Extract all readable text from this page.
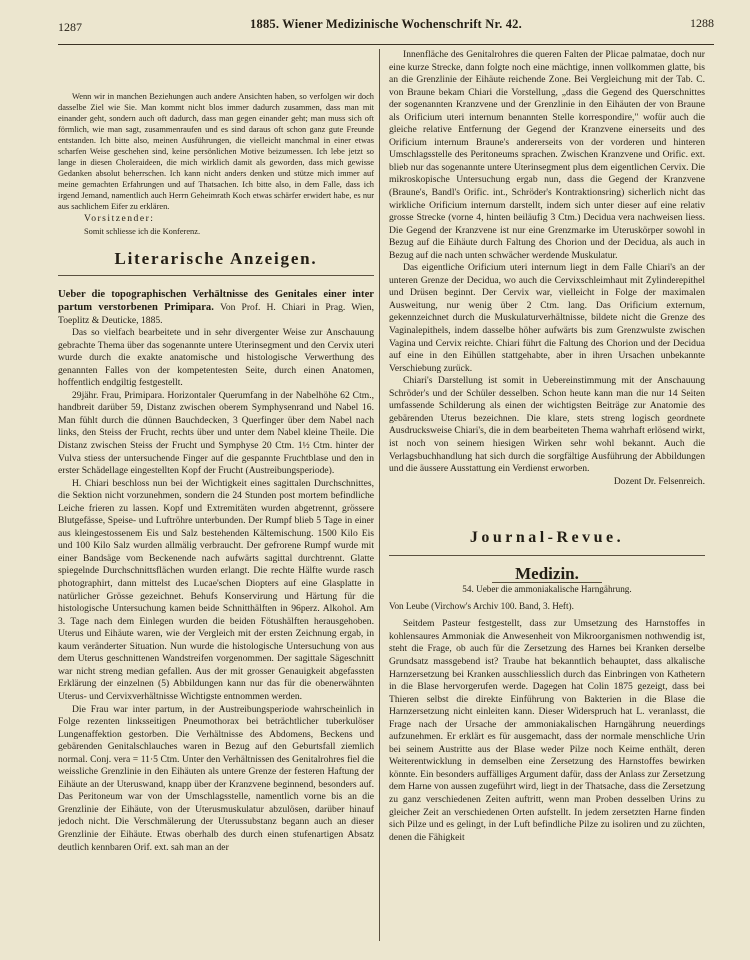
1287	1885. Wiener Medizinische Wochenschrift Nr. 42.	1288

Wenn wir in manchen Beziehungen auch andere Ansichten haben, so verfolgen wir doch dasselbe Ziel wie Sie. Man kommt nicht blos immer dadurch zusammen, dass man mit einander geht, sondern auch oft dadurch, dass man gegen einander geht; man muss sich oft förmlich, wie man sagt, zusammenraufen und es sind daraus oft schon ganz gute Freunde entstanden. Ich bitte also, meinen Ausführungen, die vielleicht manchmal in einer etwas scharfen Weise geschehen sind, keine persönlichen Motive beizumessen. Ich lebe jetzt so lange in diesen Choleraideen, die mich wirklich damit als geworden, dass mich gewisse Gedanken absolut beherrschen. Ich kann nicht anders denken und stütze mich immer auf meine gemachten Erfahrungen und auf Thatsachen. Ich bitte also, in dem Falle, dass ich irgend Jemand, namentlich auch Herrn Geheimrath Koch etwas schärfer erwidert habe, es nur aus sachlichem Eifer zu erklären.

Vorsitzender:

Somit schliesse ich die Konferenz.

Literarische Anzeigen.

Ueber die topographischen Verhältnisse des Genitales einer inter partum verstorbenen Primipara. Von Prof. H. Chiari in Prag. Wien, Toeplitz & Deuticke, 1885.

Das so vielfach bearbeitete und in sehr divergenter Weise zur Anschauung gebrachte Thema über das sogenannte untere Uterinsegment und den Cervix uteri wurde durch die exakte anatomische und histologische Verwerthung des genannten Falles von der kompetentesten Seite, durch einen Anatomen, hoffentlich endgiltig festgestellt.

29jähr. Frau, Primipara. Horizontaler Querumfang in der Nabelhöhe 62 Ctm., handbreit darüber 59, Distanz zwischen oberem Symphysenrand und Nabel 16. Man fühlt durch die dünnen Bauchdecken, 3 Querfinger über dem Nabel nach links, den Steiss der Frucht, rechts über und unter dem Nabel kleine Theile. Die Distanz zwischen Steiss der Frucht und Symphyse 20 Ctm. 1½ Ctm. hinter der Vulva stiess der untersuchende Finger auf die gespannte Fruchtblase und den in erster Schädellage eingestellten Kopf der Frucht (Austreibungsperiode).

H. Chiari beschloss nun bei der Wichtigkeit eines sagittalen Durchschnittes, die Sektion nicht vorzunehmen, sondern die 24 Stunden post mortem befindliche Leiche frieren zu lassen. Kopf und Extremitäten wurden abgetrennt, grössere Blutgefässe, Speise- und Luftröhre unterbunden. Der Rumpf blieb 5 Tage in einer aus kleingestossenem Eis und Salz bestehenden Kältemischung. 1500 Kilo Eis und 100 Kilo Salz wurden allmälig verbraucht. Der gefrorene Rumpf wurde mit einer Bandsäge vom Beckenende nach aufwärts sagittal durchtrennt. Glatte spiegelnde Durchschnittsflächen wurden erlangt. Die rechte Hälfte wurde rasch photographirt, dann mittelst des Lucae'schen Diopters auf eine Glasplatte in natürlicher Grösse gezeichnet. Behufs Konservirung und Härtung für die histologische Untersuchung kamen beide Schnitthälften in 96perz. Alkohol. Am 3. Tage nach dem Einlegen wurden die beiden Fötushälften herausgehoben. Uterus und Eihäute waren, wie der Vergleich mit der ersten Zeichnung ergab, in kaum veränderter Situation. Nun wurde die histologische Untersuchung von aus dem Uterus geschnittenen Wandstreifen vorgenommen. Der sagittale Sägeschnitt war nicht streng median gefallen. Aus der mit grosser Genauigkeit abgefassten Erklärung der einzelnen (5) Abbildungen kann nur das für die obenerwähnten Uterus- und Cervixverhältnisse Wichtigste entnommen werden.

Die Frau war inter partum, in der Austreibungsperiode wahrscheinlich in Folge rezenten linksseitigen Pneumothorax bei beträchtlicher tuberkulöser Lungenaffektion gestorben. Die Verhältnisse des Abdomens, Beckens und gebärenden Genitalschlauches waren in Bezug auf den Geburtsfall ziemlich normal. Conj. vera = 11·5 Ctm. Unter den Verhältnissen des Genitalrohres fiel die weissliche Grenzlinie in den Eihäuten als untere Grenze der festeren Haftung der Eihäute an der Uteruswand, knapp über der Kranzvene beginnend, besonders auf. Das Peritoneum war von der Umschlagsstelle, namentlich vorne bis an die Grenzlinie der Eihäute, von der Uterusmuskulatur abzulösen, darüber hinauf jedoch nicht. Die Verschmälerung der Uterussubstanz begann auch an dieser Grenzlinie der Eihäute. Etwas oberhalb des durch einen stufenartigen Absatz deutlich kennbaren Orif. ext. sah man an der

Innenfläche des Genitalrohres die queren Falten der Plicae palmatae, doch nur eine kurze Strecke, dann folgte noch eine mächtige, innen vollkommen glatte, bis an die Grenzlinie der Eihäute reichende Zone. Bei Vergleichung mit der Tab. C. von Braune bekam Chiari die Vorstellung, „dass die Gegend des Querschnittes der sogenannten Kranzvene und der Grenzlinie in den Eihäuten der von Braune als Orificium uteri internum benannten Stelle korrespondire," wofür auch die gleiche relative Entfernung der Gegend der Kranzvene einerseits und des Orificium internum Braune's andererseits von der vorderen und hinteren Umschlagsstelle des Peritoneums sprachen. Zwischen Kranzvene und Orific. ext. blieb nur das sogenannte untere Uterinsegment plus dem eigentlichen Cervix. Die mikroskopische Untersuchung ergab nun, dass die Gegend der Kranzvene (Braune's, Bandl's Orific. int., Schröder's Kontraktionsring) sicherlich nicht das wirkliche Orificium internum darstellt, indem sich unter dieser auf eine relativ grosse Strecke (vorne 4, hinten beiläufig 3 Ctm.) Decidua vera nachweisen liess. Die Gegend der Kranzvene ist nur eine Grenzmarke im Uteruskörper sowohl in Bezug auf die Eihäute durch Faltung des Chorion und der Decidua, als auch in Bezug auf die nach unten schwächer werdende Muskulatur.

Das eigentliche Orificium uteri internum liegt in dem Falle Chiari's an der unteren Grenze der Decidua, wo auch die Cervixschleimhaut mit Zylinderepithel und Drüsen beginnt. Der Cervix war, vielleicht in Folge der maximalen Ausweitung, nur wenig über 2 Ctm. lang. Das Orificium externum, gekennzeichnet durch die Muskulaturverhältnisse, bildete nicht die Grenze des Vaginalepithels, indem dasselbe höher aufwärts bis zum Grenzwulste zwischen Vagina und Cervix reichte. Chiari führt die Faltung des Chorion und der Decidua auf eine in den Eihüllen stattgehabte, aber in ihren Ursachen unbekannte Verschiebung zurück.

Chiari's Darstellung ist somit in Uebereinstimmung mit der Anschauung Schröder's und der Schüler desselben. Schon heute kann man die nur 14 Seiten umfassende Schilderung als einen der wichtigsten Beiträge zur Anatomie des gebärenden Uterus bezeichnen. Die klare, stets streng logisch geordnete Ausdrucksweise Chiari's, die in dem bearbeiteten Thema wahrhaft erlösend wirkt, ist noch von seinem hiesigen Wirken sehr wohl bekannt. Auch die Verlagsbuchhandlung hat sich durch die sorgfältige Ausführung der Abbildungen und die äussere Ausstattung ein Verdienst erworben.

Dozent Dr. Felsenreich.

Journal-Revue.
Medizin.
54. Ueber die ammoniakalische Harngährung.

Von Leube (Virchow's Archiv 100. Band, 3. Heft).

Seitdem Pasteur festgestellt, dass zur Umsetzung des Harnstoffes in kohlensaures Ammoniak die Anwesenheit von Mikroorganismen nothwendig ist, steht die Frage, ob auch für die Zersetzung des Harnes bei Kranken derselbe Grundsatz massgebend ist? Traube hat bekanntlich behauptet, dass alkalische Harnzersetzung bei Kranken ausschliesslich durch das Einbringen von Kathetern in die Blase hervorgerufen werde. Dagegen hat Colin 1875 gezeigt, dass bei Thieren selbst die direkte Einführung von Bakterien in die Blase die Harnzersetzung nicht einleiten kann. Dieser Widerspruch hat L. veranlasst, die Frage nach der Ursache der ammoniakalischen Harngährung neuerdings aufzunehmen. Er erklärt es für ausgemacht, dass der normale menschliche Urin bei seinem Austritte aus der Blase weder Pilze noch Keime enthält, deren Weiterentwicklung in demselben eine Zersetzung des Harnstoffes bewirken könnte. Ein besonders auffälliges Argument dafür, dass der Anlass zur Zersetzung dem Harne von aussen zugeführt wird, liegt in der Thatsache, dass die Zersetzung zu ganz verschiedenen Zeiten auftritt, wenn man Proben desselben Urins zu gleicher Zeit an verschiedenen Orten aufstellt. In jedem zersetzten Harne finden sich Pilze und es gelingt, in der Luft befindliche Pilze zu isoliren und zu züchten, denen die Fähigkeit
